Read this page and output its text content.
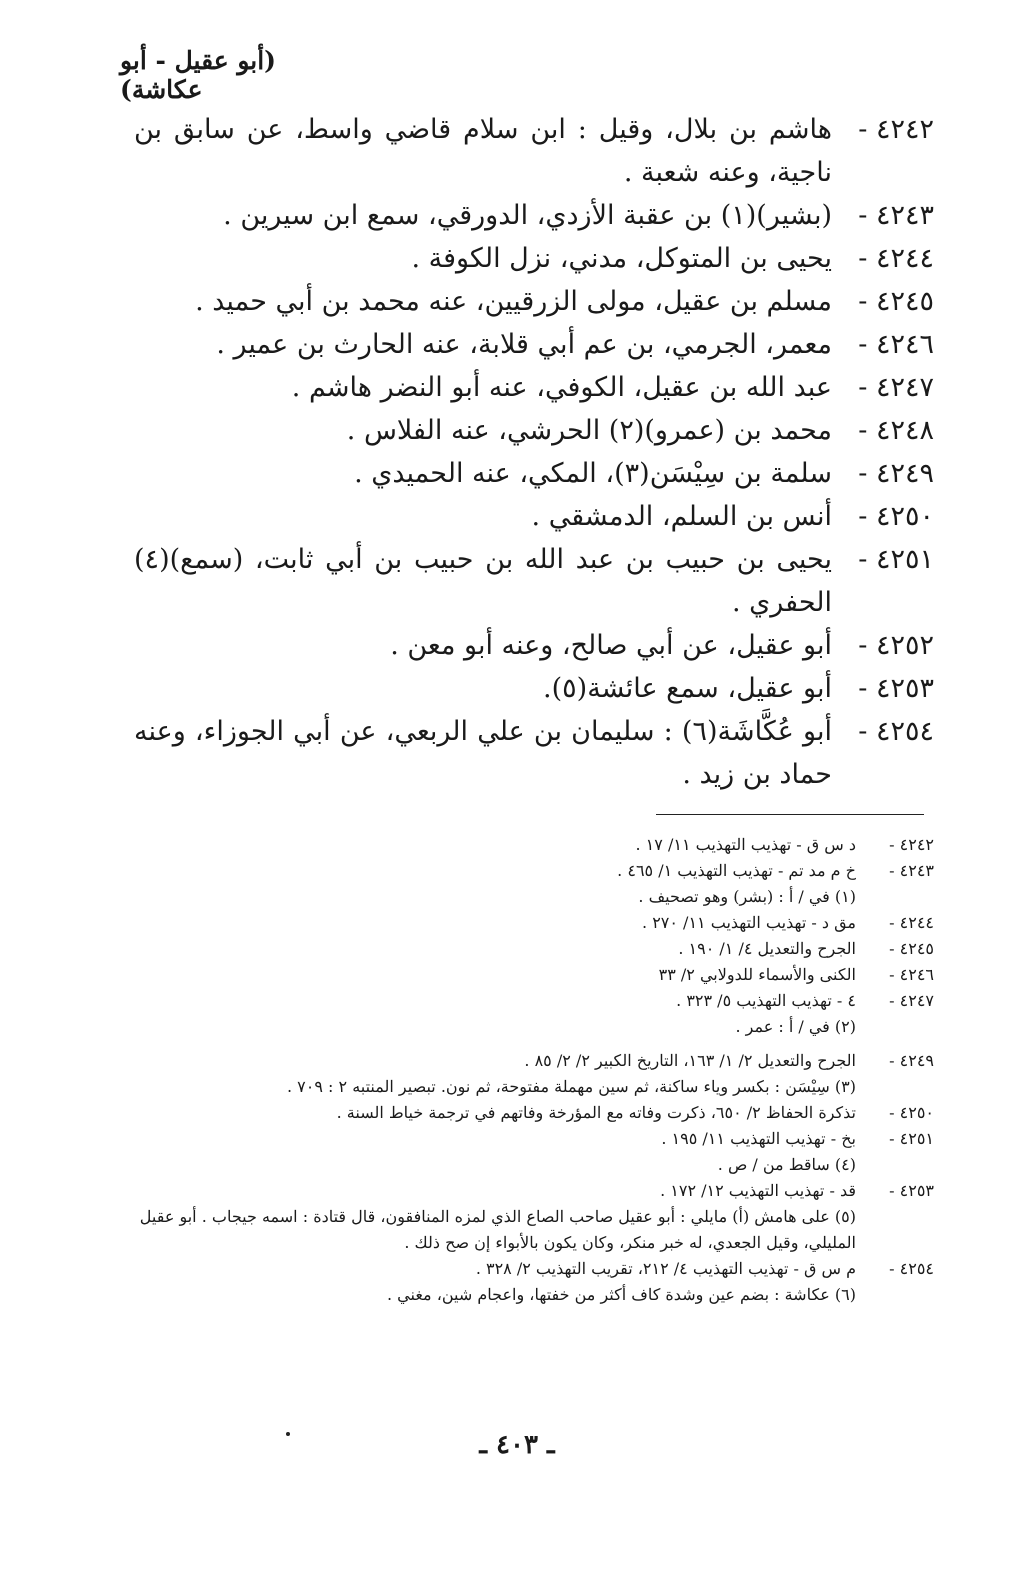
(أبو عقيل - أبو عكاشة)
٤٢٤٢ -
هاشم بن بلال، وقيل : ابن سلام قاضي واسط، عن سابق بن ناجية، وعنه شعبة .
٤٢٤٣ -
(بشير)(١) بن عقبة الأزدي، الدورقي، سمع ابن سيرين .
٤٢٤٤ -
يحيى بن المتوكل، مدني، نزل الكوفة .
٤٢٤٥ -
مسلم بن عقيل، مولى الزرقيين، عنه محمد بن أبي حميد .
٤٢٤٦ -
معمر، الجرمي، بن عم أبي قلابة، عنه الحارث بن عمير .
٤٢٤٧ -
عبد الله بن عقيل، الكوفي، عنه أبو النضر هاشم .
٤٢٤٨ -
محمد بن (عمرو)(٢) الحرشي، عنه الفلاس .
٤٢٤٩ -
سلمة بن سِيْسَن(٣)، المكي، عنه الحميدي .
٤٢٥٠ -
أنس بن السلم، الدمشقي .
٤٢٥١ -
يحيى بن حبيب بن عبد الله بن حبيب بن أبي ثابت، (سمع)(٤) الحفري .
٤٢٥٢ -
أبو عقيل، عن أبي صالح، وعنه أبو معن .
٤٢٥٣ -
أبو عقيل، سمع عائشة(٥).
٤٢٥٤ -
أبو عُكَّاشَة(٦) : سليمان بن علي الربعي، عن أبي الجوزاء، وعنه حماد بن زيد .
٤٢٤٢ -
د س ق - تهذيب التهذيب ١١/ ١٧ .
٤٢٤٣ -
خ م مد تم - تهذيب التهذيب ١/ ٤٦٥ .
(١) في / أ : (بشر) وهو تصحيف .
٤٢٤٤ -
مق د - تهذيب التهذيب ١١/ ٢٧٠ .
٤٢٤٥ -
الجرح والتعديل ٤/ ١/ ١٩٠ .
٤٢٤٦ -
الكنى والأسماء للدولابي ٢/ ٣٣
٤٢٤٧ -
٤ - تهذيب التهذيب ٥/ ٣٢٣ .
(٢) في / أ : عمر .
٤٢٤٩ -
الجرح والتعديل ٢/ ١/ ١٦٣، التاريخ الكبير ٢/ ٢/ ٨٥ .
(٣) سِيْسَن : بكسر وياء ساكنة، ثم سين مهملة مفتوحة، ثم نون. تبصير المنتبه ٢ : ٧٠٩ .
٤٢٥٠ -
تذكرة الحفاظ ٢/ ٦٥٠، ذكرت وفاته مع المؤرخة وفاتهم في ترجمة خياط السنة .
٤٢٥١ -
بخ - تهذيب التهذيب ١١/ ١٩٥ .
(٤) ساقط من / ص .
٤٢٥٣ -
قد - تهذيب التهذيب ١٢/ ١٧٢ .
(٥) على هامش (أ) مايلي : أبو عقيل صاحب الصاع الذي لمزه المنافقون، قال قتادة : اسمه جيجاب . أبو عقيل المليلي، وقيل الجعدي، له خبر منكر، وكان يكون بالأبواء إن صح ذلك .
٤٢٥٤ -
م س ق - تهذيب التهذيب ٤/ ٢١٢، تقريب التهذيب ٢/ ٣٢٨ .
(٦) عكاشة : بضم عين وشدة كاف أكثر من خفتها، واعجام شين، مغني .
ـ ٤٠٣ ـ
